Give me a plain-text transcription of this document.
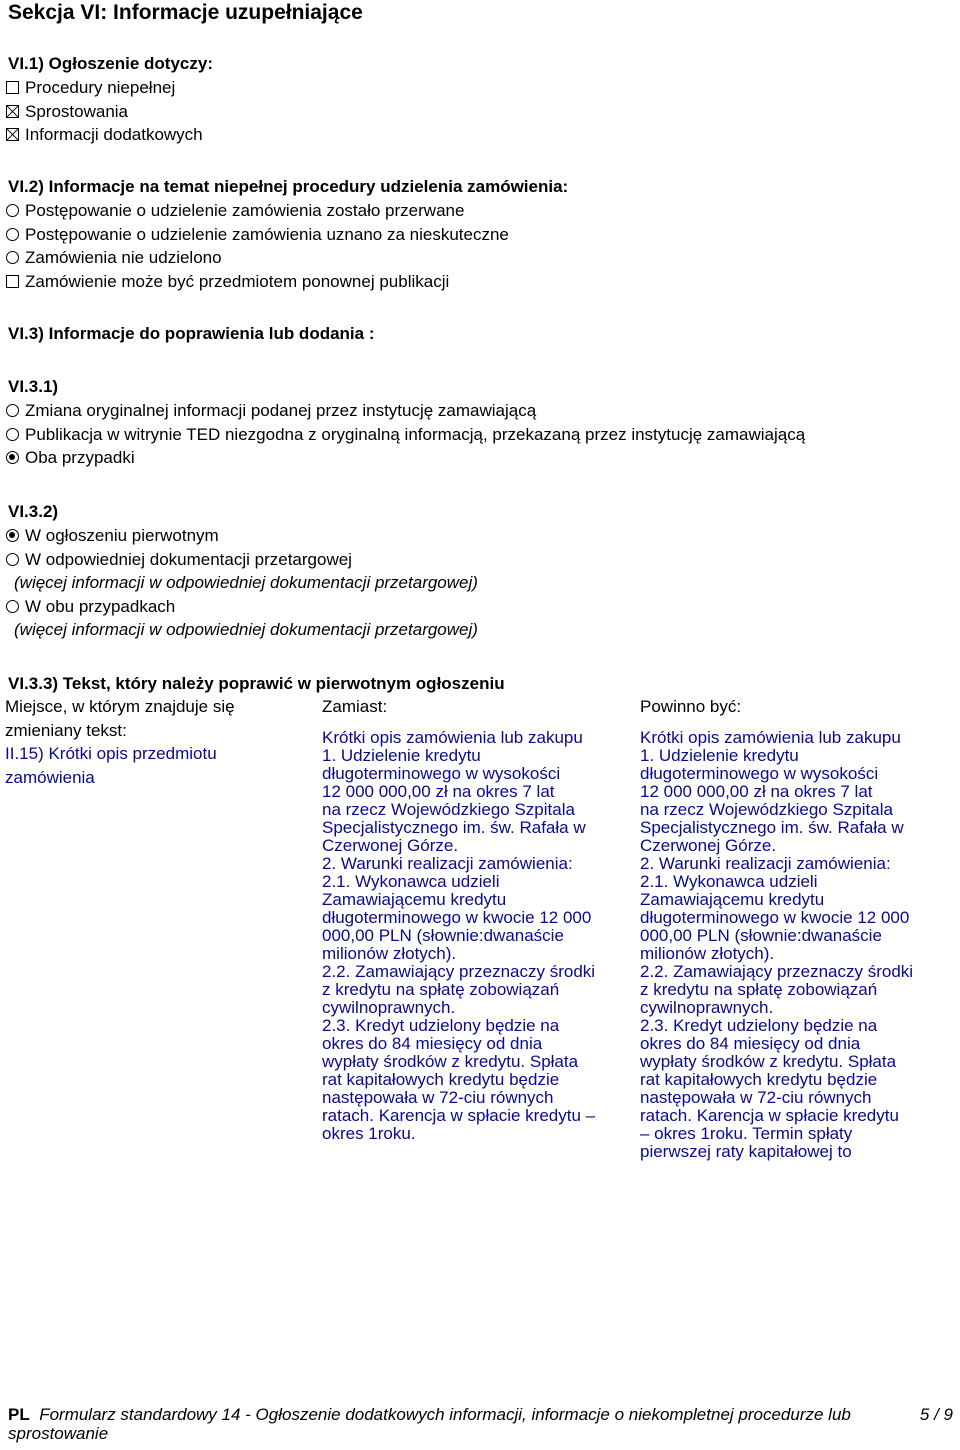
Sekcja VI: Informacje uzupełniające
VI.1) Ogłoszenie dotyczy:
Procedury niepełnej
Sprostowania
Informacji dodatkowych
VI.2) Informacje na temat niepełnej procedury udzielenia zamówienia:
Postępowanie o udzielenie zamówienia zostało przerwane
Postępowanie o udzielenie zamówienia uznano za nieskuteczne
Zamówienia nie udzielono
Zamówienie może być przedmiotem ponownej publikacji
VI.3) Informacje do poprawienia lub dodania :
VI.3.1)
Zmiana oryginalnej informacji podanej przez instytucję zamawiającą
Publikacja w witrynie TED niezgodna z oryginalną informacją, przekazaną przez instytucję zamawiającą
Oba przypadki
VI.3.2)
W ogłoszeniu pierwotnym
W odpowiedniej dokumentacji przetargowej
(więcej informacji w odpowiedniej dokumentacji przetargowej)
W obu przypadkach
(więcej informacji w odpowiedniej dokumentacji przetargowej)
VI.3.3) Tekst, który należy poprawić w pierwotnym ogłoszeniu
Miejsce, w którym znajduje się zmieniany tekst:
II.15) Krótki opis przedmiotu zamówienia
Zamiast:
Krótki opis zamówienia lub zakupu
1. Udzielenie kredytu
długoterminowego w wysokości
12 000 000,00 zł na okres 7 lat
na rzecz Wojewódzkiego Szpitala
Specjalistycznego im. św. Rafała w
Czerwonej Górze.
2. Warunki realizacji zamówienia:
2.1. Wykonawca udzieli
Zamawiającemu kredytu
długoterminowego w kwocie 12 000
000,00 PLN (słownie:dwanaście
milionów złotych).
2.2. Zamawiający przeznaczy środki
z kredytu na spłatę zobowiązań
cywilnoprawnych.
2.3. Kredyt udzielony będzie na
okres do 84 miesięcy od dnia
wypłaty środków z kredytu. Spłata
rat kapitałowych kredytu będzie
następowała w 72-ciu równych
ratach. Karencja w spłacie kredytu –
okres 1roku.
Powinno być:
Krótki opis zamówienia lub zakupu
1. Udzielenie kredytu
długoterminowego w wysokości
12 000 000,00 zł na okres 7 lat
na rzecz Wojewódzkiego Szpitala
Specjalistycznego im. św. Rafała w
Czerwonej Górze.
2. Warunki realizacji zamówienia:
2.1. Wykonawca udzieli
Zamawiającemu kredytu
długoterminowego w kwocie 12 000
000,00 PLN (słownie:dwanaście
milionów złotych).
2.2. Zamawiający przeznaczy środki
z kredytu na spłatę zobowiązań
cywilnoprawnych.
2.3. Kredyt udzielony będzie na
okres do 84 miesięcy od dnia
wypłaty środków z kredytu. Spłata
rat kapitałowych kredytu będzie
następowała w 72-ciu równych
ratach. Karencja w spłacie kredytu
– okres 1roku. Termin spłaty
pierwszej raty kapitałowej to
PL Formularz standardowy 14 - Ogłoszenie dodatkowych informacji, informacje o niekompletnej procedurze lub
sprostowanie
5 / 9
